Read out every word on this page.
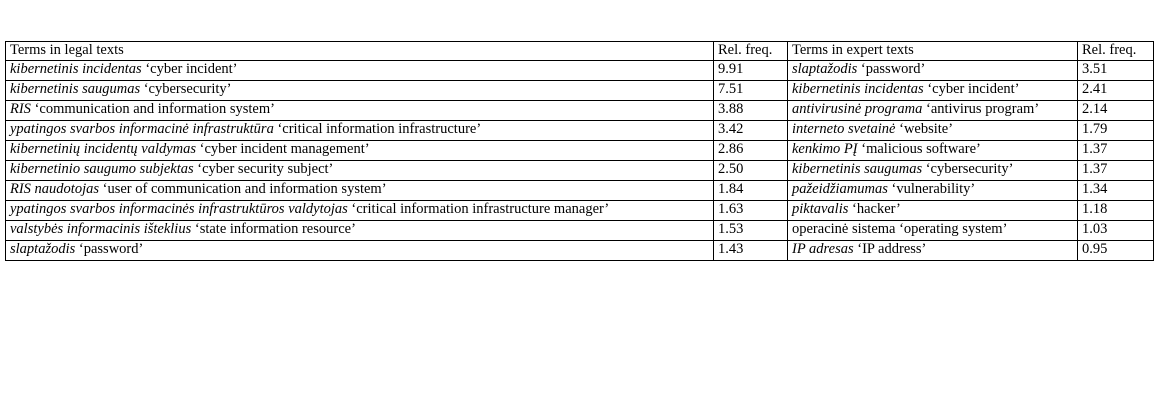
Terms in legal texts	Rel. freq.	Terms in expert texts	Rel. freq.
kibernetinis incidentas ‘cyber incident’	9.91	slaptažodis ‘password’	3.51
kibernetinis saugumas ‘cybersecurity’	7.51	kibernetinis incidentas ‘cyber incident’	2.41
RIS ‘communication and information system’	3.88	antivirusinė programa ‘antivirus program’	2.14
ypatingos svarbos informacinė infrastruktūra ‘critical information infrastructure’	3.42	interneto svetainė ‘website’	1.79
kibernetinių incidentų valdymas ‘cyber incident management’	2.86	kenkimo PĮ ‘malicious software’	1.37
kibernetinio saugumo subjektas ‘cyber security subject’	2.50	kibernetinis saugumas ‘cybersecurity’	1.37
RIS naudotojas ‘user of communication and information system’	1.84	pažeidžiamumas ‘vulnerability’	1.34
ypatingos svarbos informacinės infrastruktūros valdytojas ‘critical information infrastructure manager’	1.63	piktavalis ‘hacker’	1.18
valstybės informacinis išteklius ‘state information resource’	1.53	operacinė sistema ‘operating system’	1.03
slaptažodis ‘password’	1.43	IP adresas ‘IP address’	0.95
